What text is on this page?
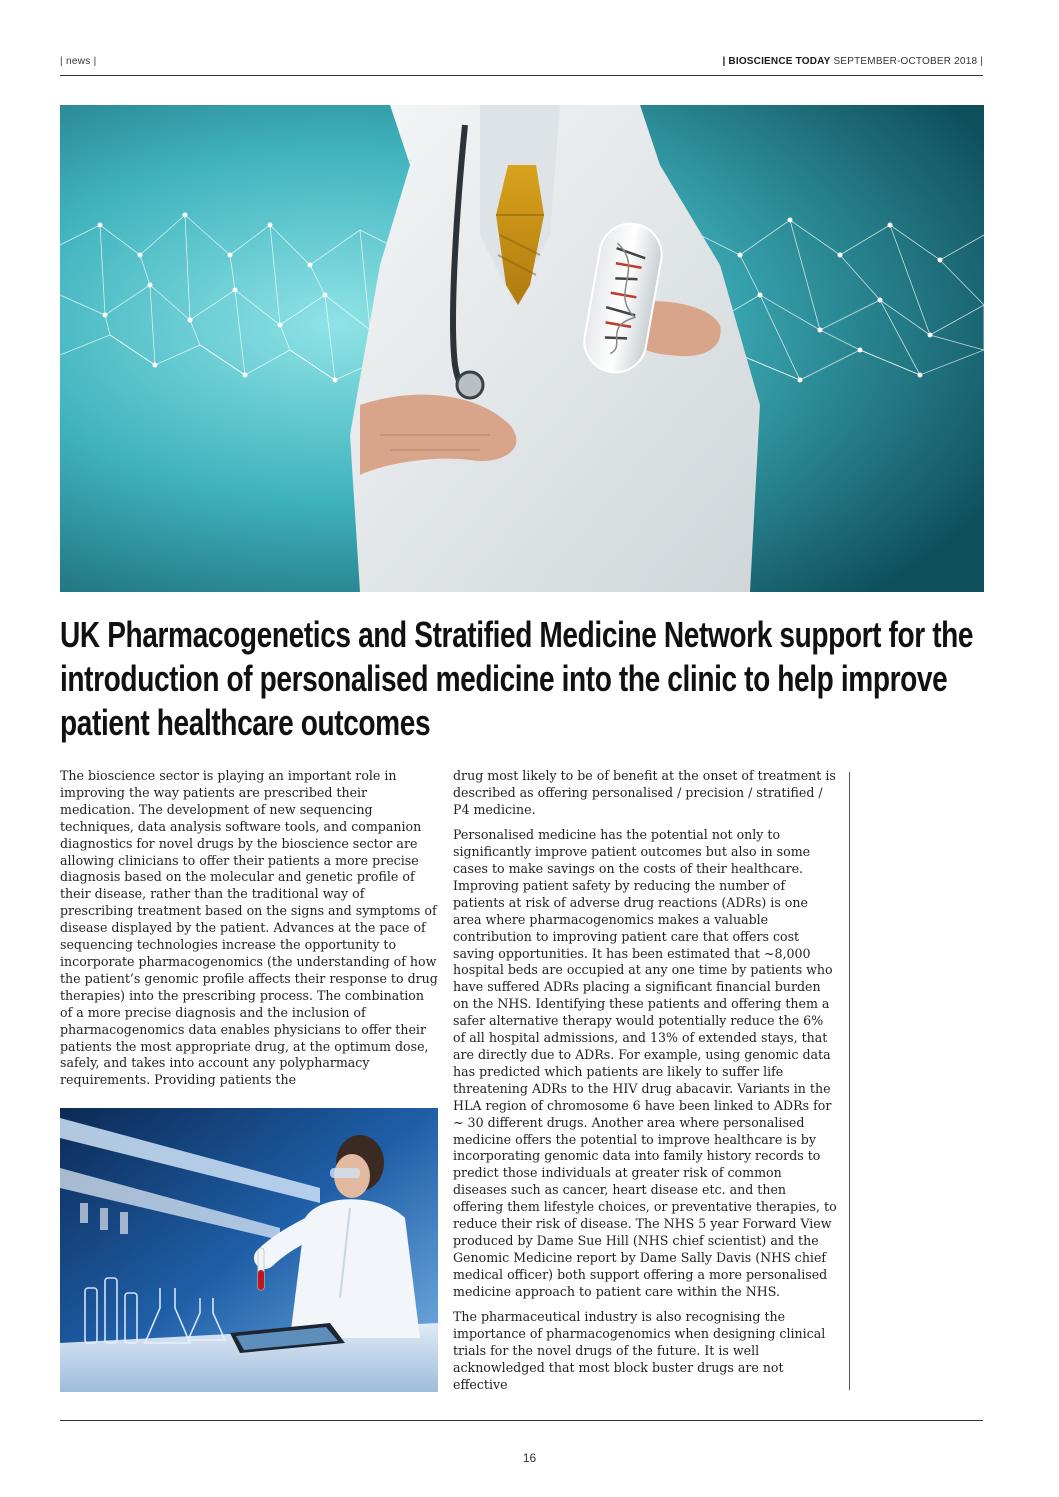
| news |	| BIOSCIENCE TODAY SEPTEMBER-OCTOBER 2018 |
UK Pharmacogenetics and Stratified Medicine Network support for the introduction of personalised medicine into the clinic to help improve patient healthcare outcomes

The bioscience sector is playing an important role in improving the way patients are prescribed their medication. The development of new sequencing techniques, data analysis software tools, and companion diagnostics for novel drugs by the bioscience sector are allowing clinicians to offer their patients a more precise diagnosis based on the molecular and genetic profile of their disease, rather than the traditional way of prescribing treatment based on the signs and symptoms of disease displayed by the patient. Advances at the pace of sequencing technologies increase the opportunity to incorporate pharmacogenomics (the understanding of how the patient’s genomic profile affects their response to drug therapies) into the prescribing process. The combination of a more precise diagnosis and the inclusion of pharmacogenomics data enables physicians to offer their patients the most appropriate drug, at the optimum dose, safely, and takes into account any polypharmacy requirements. Providing patients the

drug most likely to be of benefit at the onset of treatment is described as offering personalised / precision / stratified / P4 medicine.

Personalised medicine has the potential not only to significantly improve patient outcomes but also in some cases to make savings on the costs of their healthcare. Improving patient safety by reducing the number of patients at risk of adverse drug reactions (ADRs) is one area where pharmacogenomics makes a valuable contribution to improving patient care that offers cost saving opportunities. It has been estimated that ~8,000 hospital beds are occupied at any one time by patients who have suffered ADRs placing a significant financial burden on the NHS. Identifying these patients and offering them a safer alternative therapy would potentially reduce the 6% of all hospital admissions, and 13% of extended stays, that are directly due to ADRs. For example, using genomic data has predicted which patients are likely to suffer life threatening ADRs to the HIV drug abacavir. Variants in the HLA region of chromosome 6 have been linked to ADRs for ~ 30 different drugs. Another area where personalised medicine offers the potential to improve healthcare is by incorporating genomic data into family history records to predict those individuals at greater risk of common diseases such as cancer, heart disease etc. and then offering them lifestyle choices, or preventative therapies, to reduce their risk of disease. The NHS 5 year Forward View produced by Dame Sue Hill (NHS chief scientist) and the Genomic Medicine report by Dame Sally Davis (NHS chief medical officer) both support offering a more personalised medicine approach to patient care within the NHS.

The pharmaceutical industry is also recognising the importance of pharmacogenomics when designing clinical trials for the novel drugs of the future. It is well acknowledged that most block buster drugs are not effective

16
